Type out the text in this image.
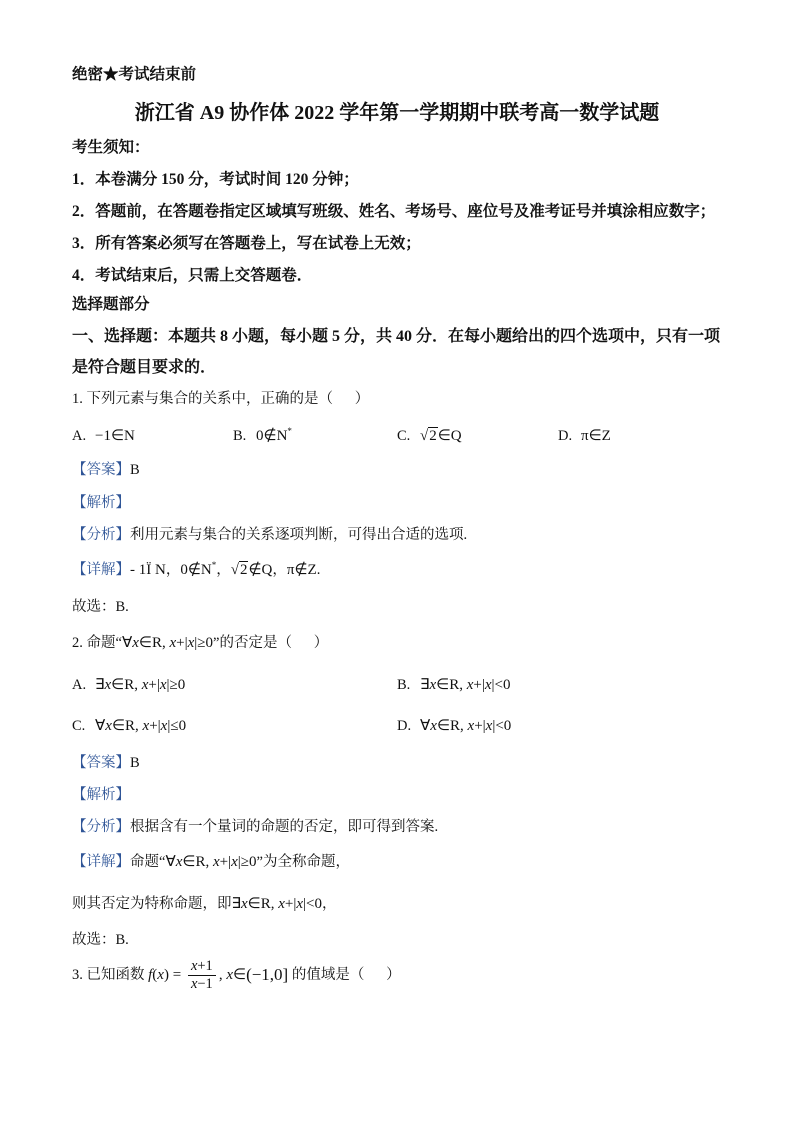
绝密★考试结束前
浙江省 A9 协作体 2022 学年第一学期期中联考高一数学试题
考生须知：
1．本卷满分 150 分，考试时间 120 分钟；
2．答题前，在答题卷指定区域填写班级、姓名、考场号、座位号及准考证号并填涂相应数字；
3．所有答案必须写在答题卷上，写在试卷上无效；
4．考试结束后，只需上交答题卷．
选择题部分
一、选择题：本题共 8 小题，每小题 5 分，共 40 分．在每小题给出的四个选项中，只有一项
是符合题目要求的．
1. 下列元素与集合的关系中，正确的是（      ）
A. −1∈N	B. 0∉N*	C. √2∈Q	D. π∈Z
【答案】B
【解析】
【分析】利用元素与集合的关系逐项判断，可得出合适的选项.
【详解】- 1Ï N，0∉N*，√2∉Q，π∉Z.
故选：B.
2. 命题“∀x∈R, x+|x|≥0”的否定是（      ）
A. ∃x∈R, x+|x|≥0	B. ∃x∈R, x+|x|<0
C. ∀x∈R, x+|x|≤0	D. ∀x∈R, x+|x|<0
【答案】B
【解析】
【分析】根据含有一个量词的命题的否定，即可得到答案.
【详解】命题“∀x∈R, x+|x|≥0”为全称命题，
则其否定为特称命题，即∃x∈R, x+|x|<0，
故选：B.
3. 已知函数 f ( x ) = $\frac{x+1}{x-1}$ , x ∈ (−1,0] 的值域是（      ）
